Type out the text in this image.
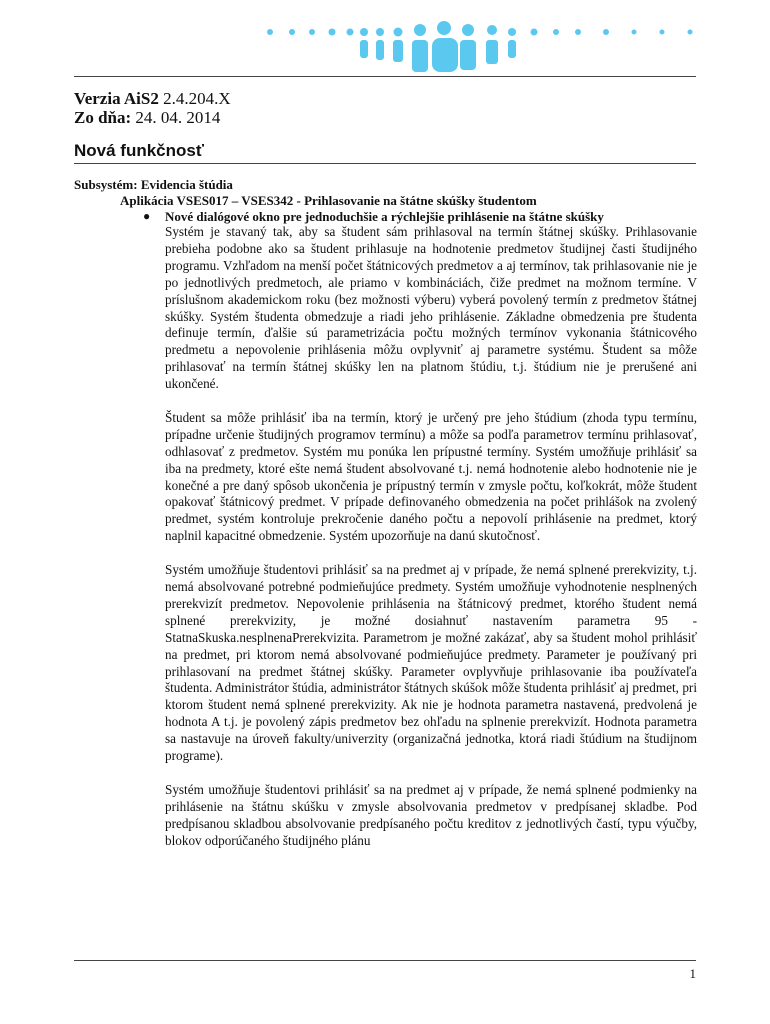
Verzia AiS2 2.4.204.X
Zo dňa: 24. 04. 2014
Nová funkčnosť
Subsystém: Evidencia štúdia
Aplikácia VSES017 – VSES342 - Prihlasovanie na štátne skúšky študentom
● Nové dialógové okno pre jednoduchšie a rýchlejšie prihlásenie na štátne skúšky

Systém je stavaný tak, aby sa študent sám prihlasoval na termín štátnej skúšky. Prihlasovanie prebieha podobne ako sa študent prihlasuje na hodnotenie predmetov študijnej časti študijného programu. Vzhľadom na menší počet štátnicových predmetov a aj termínov, tak prihlasovanie nie je po jednotlivých predmetoch, ale priamo v kombináciách, čiže predmet na možnom termíne. V príslušnom akademickom roku (bez možnosti výberu) vyberá povolený termín z predmetov štátnej skúšky. Systém študenta obmedzuje a riadi jeho prihlásenie. Základne obmedzenia pre študenta definuje termín, ďalšie sú parametrizácia počtu možných termínov vykonania štátnicového predmetu a nepovolenie prihlásenia môžu ovplyvniť aj parametre systému. Študent sa môže prihlasovať na termín štátnej skúšky len na platnom štúdiu, t.j. štúdium nie je prerušené ani ukončené.

Študent sa môže prihlásiť iba na termín, ktorý je určený pre jeho štúdium (zhoda typu termínu, prípadne určenie študijných programov termínu) a môže sa podľa parametrov termínu prihlasovať, odhlasovať z predmetov. Systém mu ponúka len prípustné termíny. Systém umožňuje prihlásiť sa iba na predmety, ktoré ešte nemá študent absolvované t.j. nemá hodnotenie alebo hodnotenie nie je konečné a pre daný spôsob ukončenia je prípustný termín v zmysle počtu, koľkokrát, môže študent opakovať štátnicový predmet. V prípade definovaného obmedzenia na počet prihlášok na zvolený predmet, systém kontroluje prekročenie daného počtu a nepovolí prihlásenie na predmet, ktorý naplnil kapacitné obmedzenie. Systém upozorňuje na danú skutočnosť.

Systém umožňuje študentovi prihlásiť sa na predmet aj v prípade, že nemá splnené prerekvizity, t.j. nemá absolvované potrebné podmieňujúce predmety. Systém umožňuje vyhodnotenie nesplnených prerekvizít predmetov. Nepovolenie prihlásenia na štátnicový predmet, ktorého študent nemá splnené prerekvizity, je možné dosiahnuť nastavením parametra 95 - StatnaSkuska.nesplnenaPrerekvizita. Parametrom je možné zakázať, aby sa študent mohol prihlásiť na predmet, pri ktorom nemá absolvované podmieňujúce predmety. Parameter je používaný pri prihlasovaní na predmet štátnej skúšky. Parameter ovplyvňuje prihlasovanie iba používateľa študenta. Administrátor štúdia, administrátor štátnych skúšok môže študenta prihlásiť aj predmet, pri ktorom študent nemá splnené prerekvizity. Ak nie je hodnota parametra nastavená, predvolená je hodnota A t.j. je povolený zápis predmetov bez ohľadu na splnenie prerekvizít. Hodnota parametra sa nastavuje na úroveň fakulty/univerzity (organizačná jednotka, ktorá riadi štúdium na študijnom programe).

Systém umožňuje študentovi prihlásiť sa na predmet aj v prípade, že nemá splnené podmienky na prihlásenie na štátnu skúšku v zmysle absolvovania predmetov v predpísanej skladbe. Pod predpísanou skladbou absolvovanie predpísaného počtu kreditov z jednotlivých častí, typu výučby, blokov odporúčaného študijného plánu

1
